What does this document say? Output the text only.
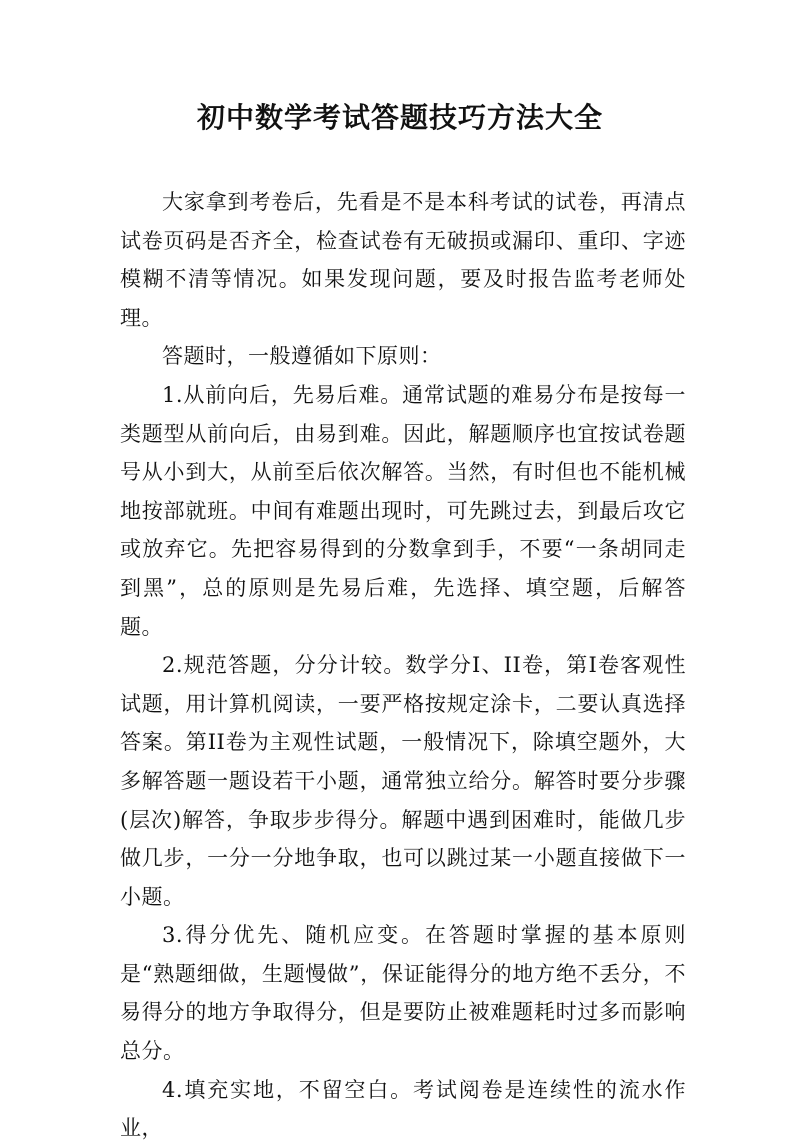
初中数学考试答题技巧方法大全

大家拿到考卷后，先看是不是本科考试的试卷，再清点试卷页码是否齐全，检查试卷有无破损或漏印、重印、字迹模糊不清等情况。如果发现问题，要及时报告监考老师处理。

答题时，一般遵循如下原则：

1.从前向后，先易后难。通常试题的难易分布是按每一类题型从前向后，由易到难。因此，解题顺序也宜按试卷题号从小到大，从前至后依次解答。当然，有时但也不能机械地按部就班。中间有难题出现时，可先跳过去，到最后攻它或放弃它。先把容易得到的分数拿到手，不要“一条胡同走到黑”，总的原则是先易后难，先选择、填空题，后解答题。

2.规范答题，分分计较。数学分I、II卷，第I卷客观性试题，用计算机阅读，一要严格按规定涂卡，二要认真选择答案。第II卷为主观性试题，一般情况下，除填空题外，大多解答题一题设若干小题，通常独立给分。解答时要分步骤(层次)解答，争取步步得分。解题中遇到困难时，能做几步做几步，一分一分地争取，也可以跳过某一小题直接做下一小题。

3.得分优先、随机应变。在答题时掌握的基本原则是“熟题细做，生题慢做”，保证能得分的地方绝不丢分，不易得分的地方争取得分，但是要防止被难题耗时过多而影响总分。

4.填充实地，不留空白。考试阅卷是连续性的流水作业，
